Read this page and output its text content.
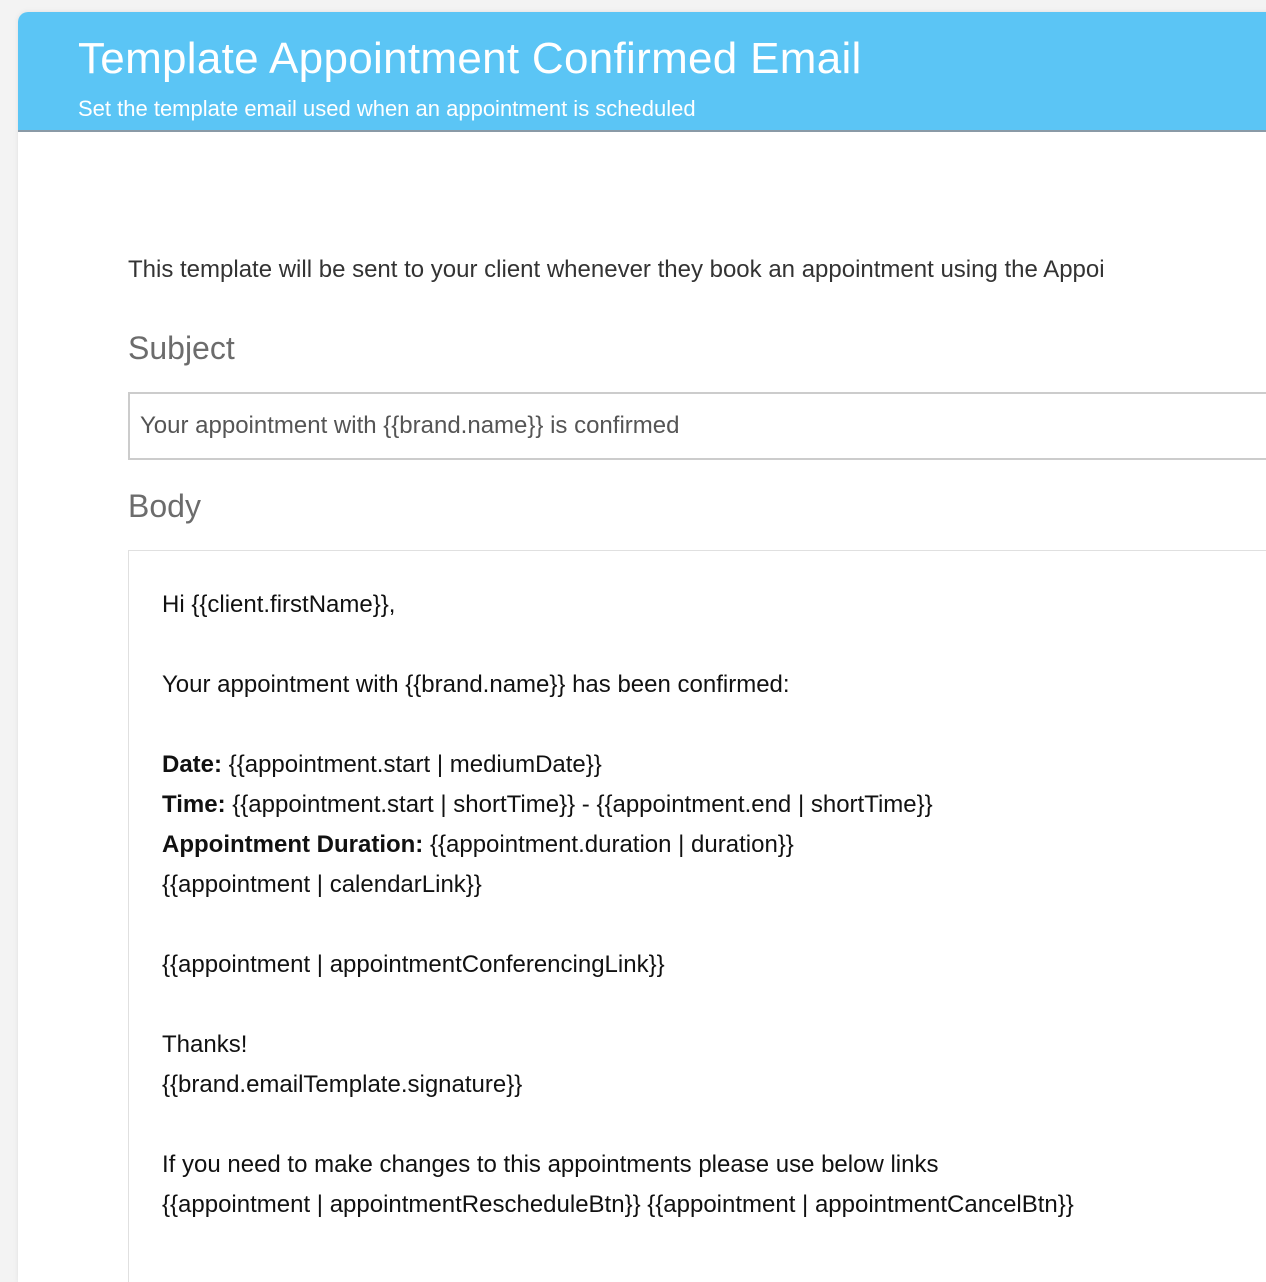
Template Appointment Confirmed Email

Set the template email used when an appointment is scheduled

This template will be sent to your client whenever they book an appointment using the Appoi

Subject
Your appointment with {{brand.name}} is confirmed
Body
Hi {{client.firstName}},
Your appointment with {{brand.name}} has been confirmed:
Date: {{appointment.start | mediumDate}}
Time: {{appointment.start | shortTime}} - {{appointment.end | shortTime}}
Appointment Duration: {{appointment.duration | duration}}
{{appointment | calendarLink}}
{{appointment | appointmentConferencingLink}}
Thanks!
{{brand.emailTemplate.signature}}
If you need to make changes to this appointments please use below links
{{appointment | appointmentRescheduleBtn}} {{appointment | appointmentCancelBtn}}
